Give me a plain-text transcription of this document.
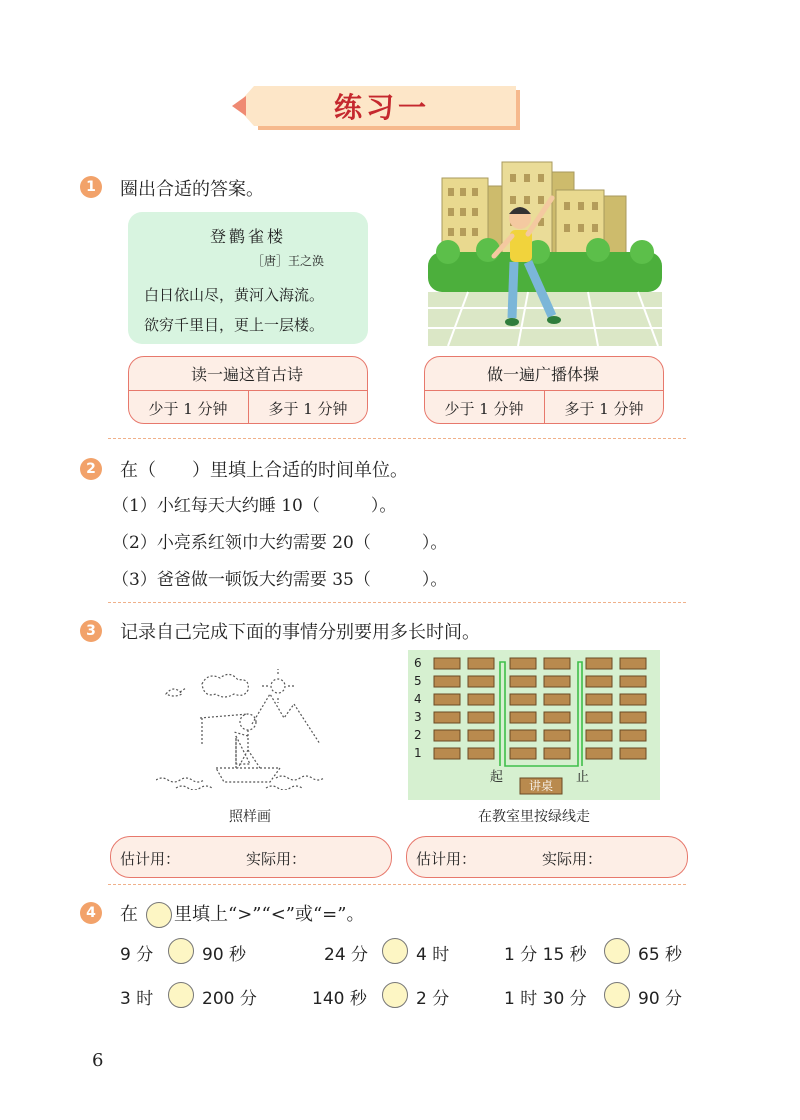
练习一
1	圈出合适的答案。
登鹳雀楼
［唐］王之涣
白日依山尽，黄河入海流。
欲穷千里目，更上一层楼。
读一遍这首古诗
少于 1 分钟	多于 1 分钟
做一遍广播体操
少于 1 分钟	多于 1 分钟
2	在（　　）里填上合适的时间单位。
（1）小红每天大约睡 10（　　　）。
（2）小亮系红领巾大约需要 20（　　　）。
（3）爸爸做一顿饭大约需要 35（　　　）。
3	记录自己完成下面的事情分别要用多长时间。
照样画
6
5
4
3
2
1
起	止
讲桌
在教室里按绿线走
估计用：	实际用：	估计用：	实际用：
4	在 里填上“>”“<”或“=”。
9 分	90 秒	24 分	4 时	1 分 15 秒	65 秒
3 时	200 分	140 秒	2 分	1 时 30 分	90 分
6
